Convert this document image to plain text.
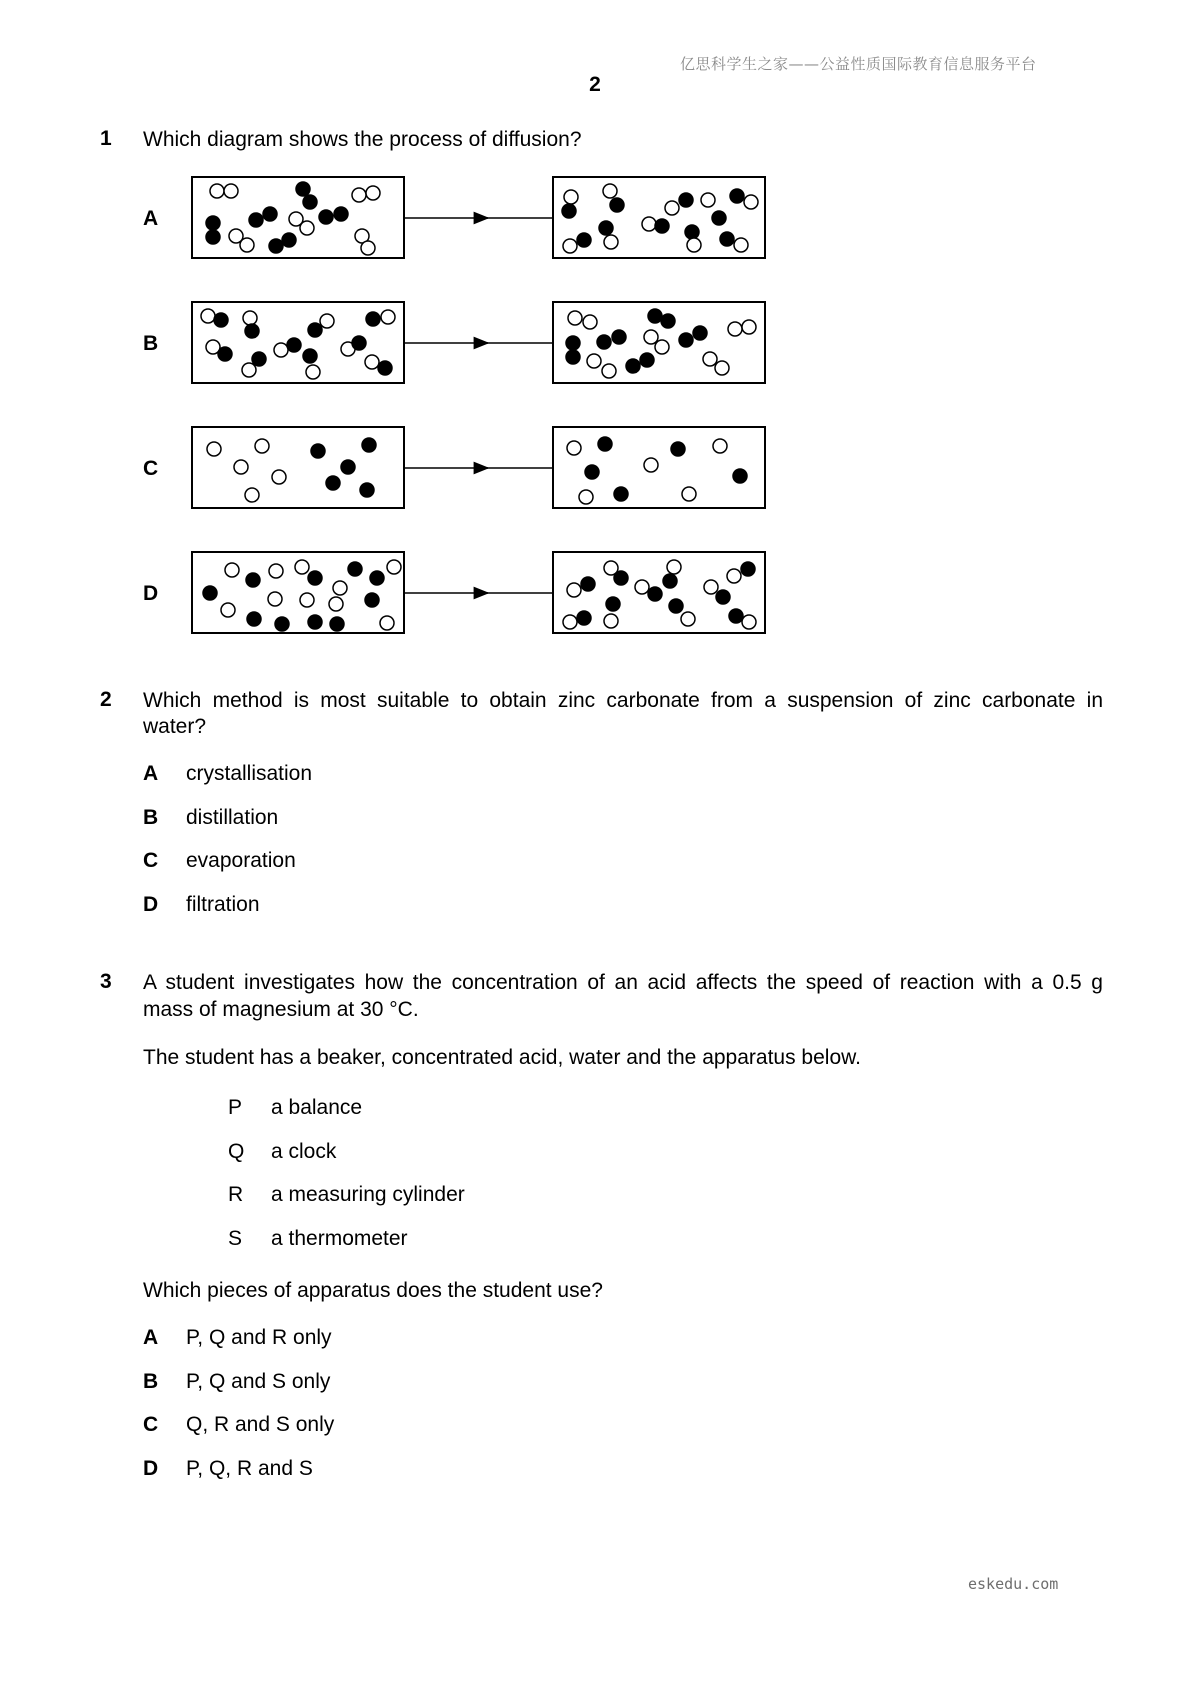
亿思科学生之家——公益性质国际教育信息服务平台
2
1 Which diagram shows the process of diffusion?
A
B
C
D
2 Which method is most suitable to obtain zinc carbonate from a suspension of zinc carbonate in
water?
A crystallisation
B distillation
C evaporation
D filtration
3 A student investigates how the concentration of an acid affects the speed of reaction with a 0.5 g
mass of magnesium at 30 °C.
The student has a beaker, concentrated acid, water and the apparatus below.
P a balance
Q a clock
R a measuring cylinder
S a thermometer
Which pieces of apparatus does the student use?
A P, Q and R only
B P, Q and S only
C Q, R and S only
D P, Q, R and S
eskedu.com
